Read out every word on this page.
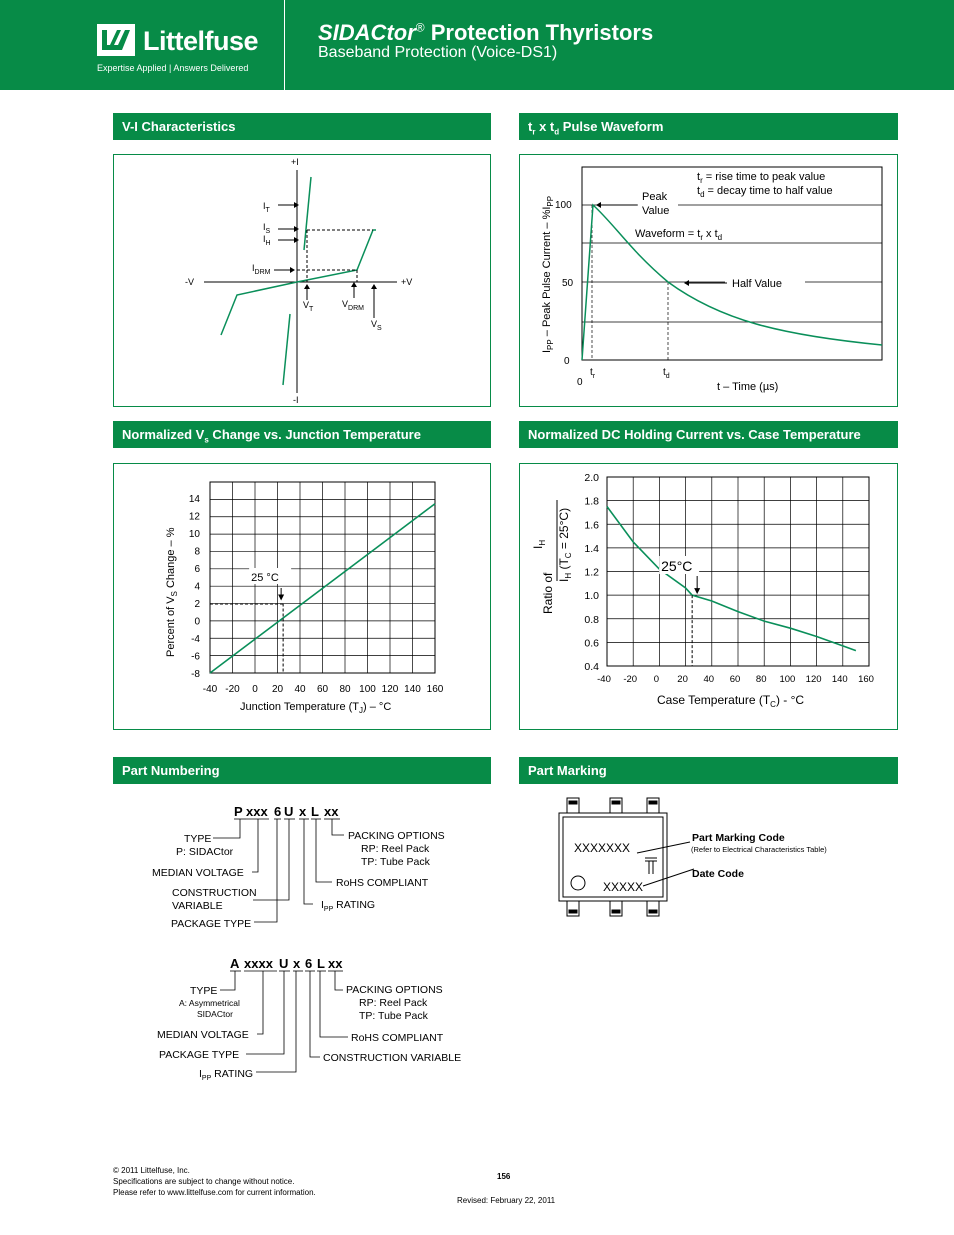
Littelfuse
Expertise Applied | Answers Delivered
SIDACtor® Protection Thyristors
Baseband Protection (Voice-DS1)
V-I Characteristics	$t_r$ x $t_d$ Pulse Waveform
Normalized $V_s$ Change vs. Junction Temperature	Normalized DC Holding Current vs. Case Temperature
Part Numbering	Part Marking
+I
-I
-V	+V
$I_T$
$I_S$
$I_H$
$I_{DRM}$
$V_T$
$V_{DRM}$
$V_S$
$I_{PP}$ – Peak Pulse Current – $\%I_{PP}$ 100
50
0
0
$t_r$	$t_d$
t – Time (µs)
$t_r$ = rise time to peak value
$t_d$ = decay time to half value
Peak
Value
Waveform = $t_r$ x $t_d$
Half Value
25 °C
Percent of $V_S$ Change – %
Junction Temperature $(T_J) - ^\circ C$
14
12
10
8
6
4
2
0
-4
-6
-8
-40 -20 0 20 40 60 80 100 120 140 160
25°C
Ratio of
$I_H$
$I_H$ $(T_C = 25^\circ C)$
Case Temperature $(T_C) - ^\circ C$
2.0
1.8
1.6
1.4
1.2
1.0
0.8
0.6
0.4
-40 -20 0 20 40 60 80 100 120 140 160
P xxx 6 U x L xx
TYPE
P: SIDACtor
MEDIAN VOLTAGE
CONSTRUCTION
VARIABLE
PACKAGE TYPE
PACKING OPTIONS
RP: Reel Pack
TP: Tube Pack
RoHS COMPLIANT
$I_{PP}$ RATING
A xxxx U x 6 L xx
TYPE
A: Asymmetrical
SIDACtor
MEDIAN VOLTAGE
PACKAGE TYPE
$I_{PP}$ RATING
PACKING OPTIONS
RP: Reel Pack
TP: Tube Pack
RoHS COMPLIANT
CONSTRUCTION VARIABLE
XXXXXXX
XXXXX
Part Marking Code
(Refer to Electrical Characteristics Table)
Date Code
© 2011 Littelfuse, Inc.
Specifications are subject to change without notice.
Please refer to www.littelfuse.com for current information.
156
Revised: February 22, 2011
